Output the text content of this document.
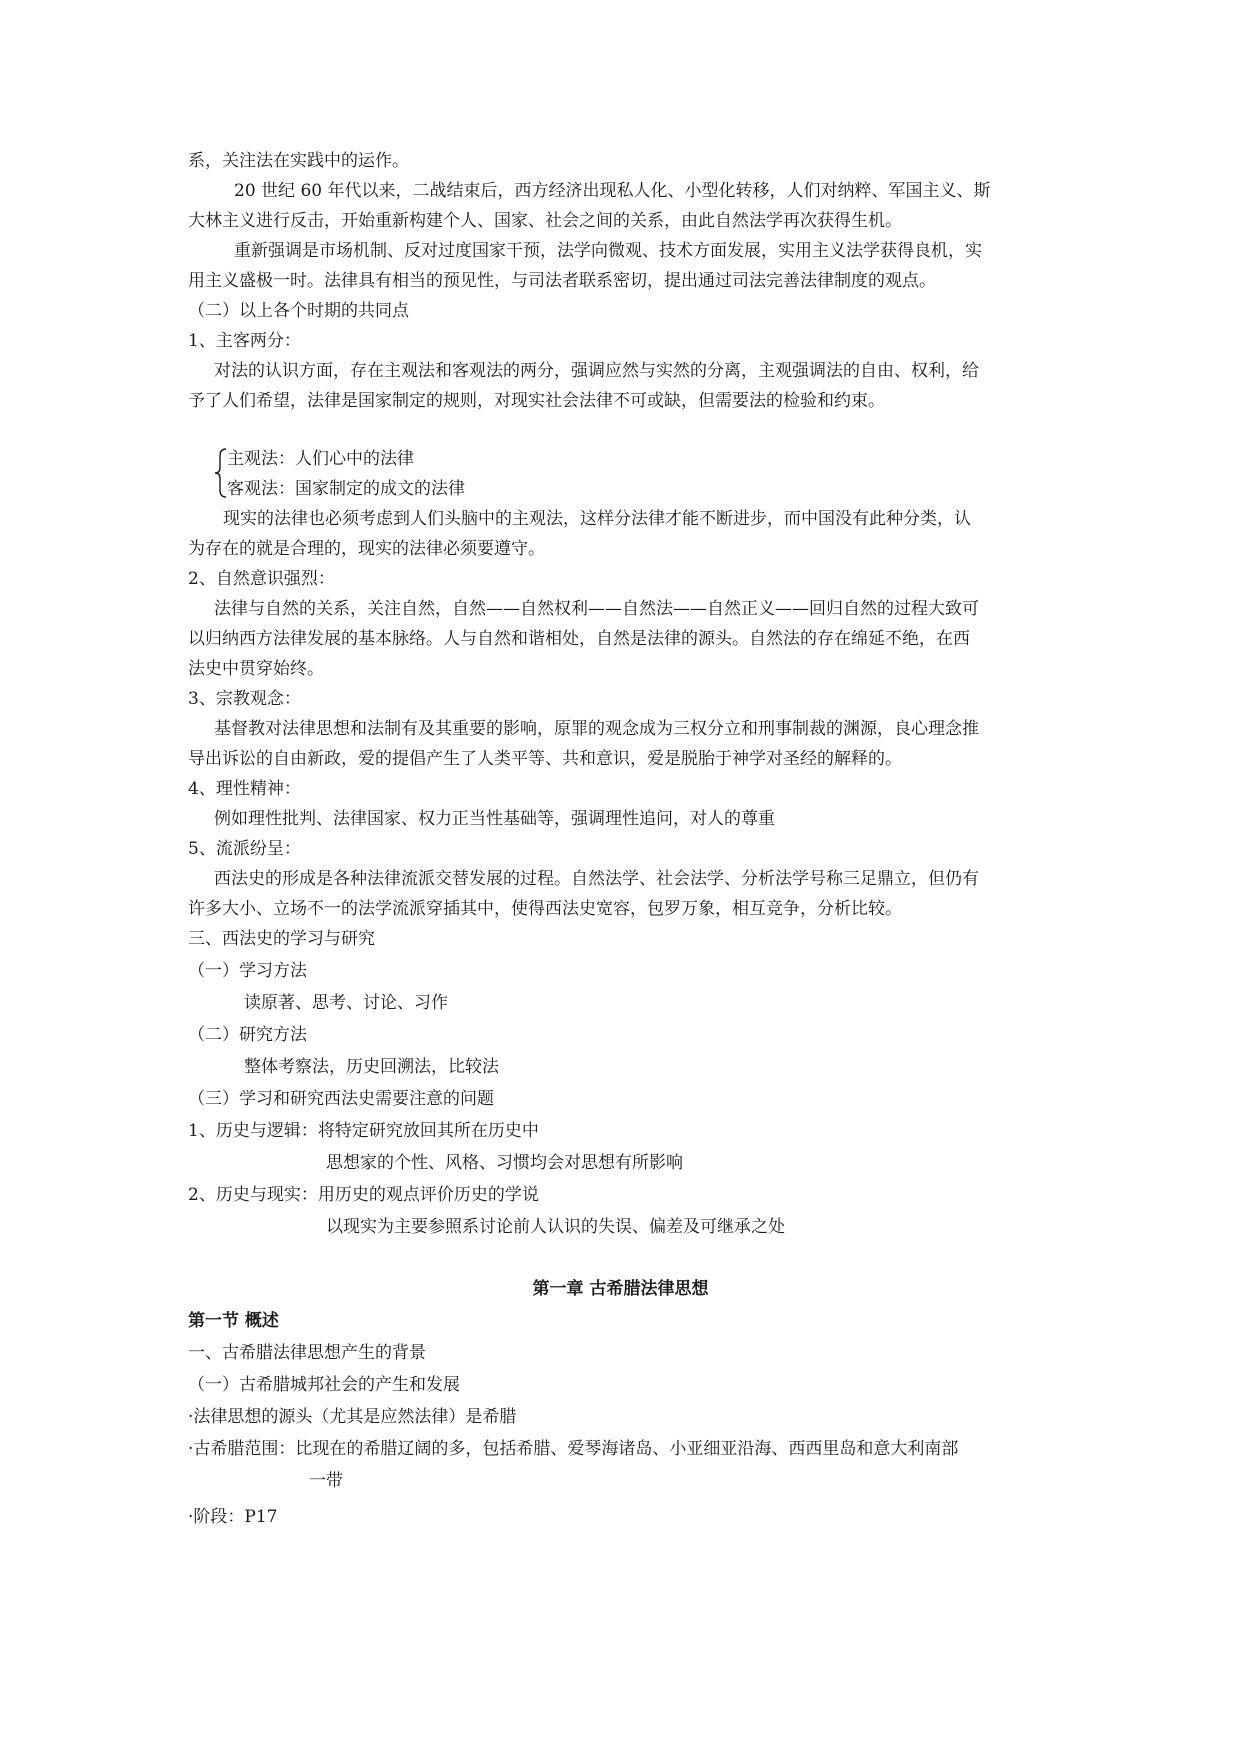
系，关注法在实践中的运作。
20 世纪 60 年代以来，二战结束后，西方经济出现私人化、小型化转移，人们对纳粹、军国主义、斯
大林主义进行反击，开始重新构建个人、国家、社会之间的关系，由此自然法学再次获得生机。
重新强调是市场机制、反对过度国家干预，法学向微观、技术方面发展，实用主义法学获得良机，实
用主义盛极一时。法律具有相当的预见性，与司法者联系密切，提出通过司法完善法律制度的观点。
（二）以上各个时期的共同点
1、主客两分：
对法的认识方面，存在主观法和客观法的两分，强调应然与实然的分离，主观强调法的自由、权利，给
予了人们希望，法律是国家制定的规则，对现实社会法律不可或缺，但需要法的检验和约束。
主观法：人们心中的法律
客观法：国家制定的成文的法律
现实的法律也必须考虑到人们头脑中的主观法，这样分法律才能不断进步，而中国没有此种分类，认
为存在的就是合理的，现实的法律必须要遵守。
2、自然意识强烈：
法律与自然的关系，关注自然，自然——自然权利——自然法——自然正义——回归自然的过程大致可
以归纳西方法律发展的基本脉络。人与自然和谐相处，自然是法律的源头。自然法的存在绵延不绝，在西
法史中贯穿始终。
3、宗教观念：
基督教对法律思想和法制有及其重要的影响，原罪的观念成为三权分立和刑事制裁的渊源，良心理念推
导出诉讼的自由新政，爱的提倡产生了人类平等、共和意识，爱是脱胎于神学对圣经的解释的。
4、理性精神：
例如理性批判、法律国家、权力正当性基础等，强调理性追问，对人的尊重
5、流派纷呈：
西法史的形成是各种法律流派交替发展的过程。自然法学、社会法学、分析法学号称三足鼎立，但仍有
许多大小、立场不一的法学流派穿插其中，使得西法史宽容，包罗万象，相互竞争，分析比较。
三、西法史的学习与研究
（一）学习方法
读原著、思考、讨论、习作
（二）研究方法
整体考察法，历史回溯法，比较法
（三）学习和研究西法史需要注意的问题
1、历史与逻辑：将特定研究放回其所在历史中
思想家的个性、风格、习惯均会对思想有所影响
2、历史与现实：用历史的观点评价历史的学说
以现实为主要参照系讨论前人认识的失误、偏差及可继承之处
第一章 古希腊法律思想
第一节 概述
一、古希腊法律思想产生的背景
（一）古希腊城邦社会的产生和发展
·法律思想的源头（尤其是应然法律）是希腊
·古希腊范围：比现在的希腊辽阔的多，包括希腊、爱琴海诸岛、小亚细亚沿海、西西里岛和意大利南部
一带
·阶段：P17
